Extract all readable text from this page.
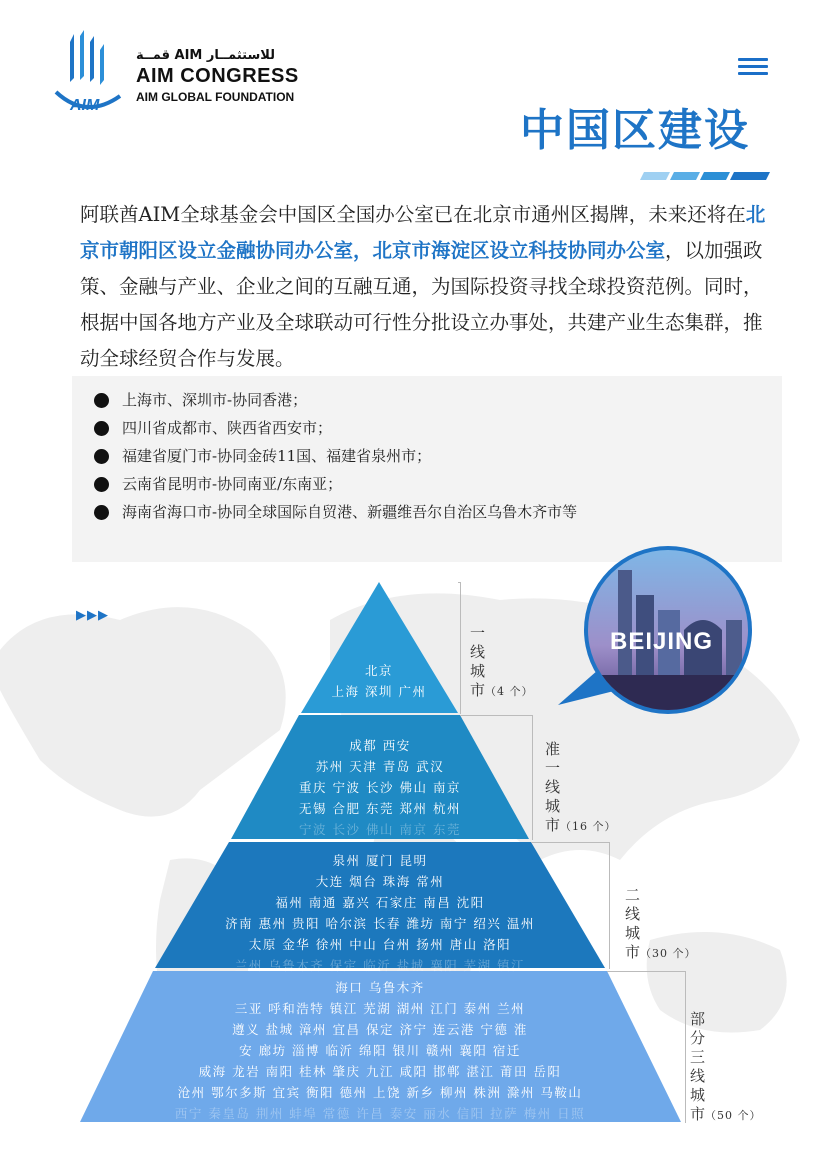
AIM
قمــة AIM للاستثمــار
AIM CONGRESS
AIM GLOBAL FOUNDATION
中国区建设
阿联酋AIM全球基金会中国区全国办公室已在北京市通州区揭牌，未来还将在北京市朝阳区设立金融协同办公室，北京市海淀区设立科技协同办公室，以加强政策、金融与产业、企业之间的互融互通，为国际投资寻找全球投资范例。同时，根据中国各地方产业及全球联动可行性分批设立办事处，共建产业生态集群，推动全球经贸合作与发展。
上海市、深圳市-协同香港；
四川省成都市、陕西省西安市；
福建省厦门市-协同金砖11国、福建省泉州市；
云南省昆明市-协同南亚/东南亚；
海南省海口市-协同全球国际自贸港、新疆维吾尔自治区乌鲁木齐市等
▶▶▶
北京
上海 深圳 广州
成都 西安
苏州 天津 青岛 武汉
重庆 宁波 长沙 佛山 南京
无锡 合肥 东莞 郑州 杭州
宁波 长沙 佛山 南京 东莞
泉州 厦门 昆明
大连 烟台 珠海 常州
福州 南通 嘉兴 石家庄 南昌 沈阳
济南 惠州 贵阳 哈尔滨 长春 潍坊 南宁 绍兴 温州
太原 金华 徐州 中山 台州 扬州 唐山 洛阳
兰州 乌鲁木齐 保定 临沂 盐城 襄阳 芜湖 镇江
海口 乌鲁木齐
三亚 呼和浩特 镇江 芜湖 湖州 江门 泰州 兰州
遵义 盐城 漳州 宜昌 保定 济宁 连云港 宁德 淮
安 廊坊 淄博 临沂 绵阳 银川 赣州 襄阳 宿迁
威海 龙岩 南阳 桂林 肇庆 九江 咸阳 邯郸 湛江 莆田 岳阳
沧州 鄂尔多斯 宜宾 衡阳 德州 上饶 新乡 柳州 株洲 滁州 马鞍山
西宁 秦皇岛 荆州 蚌埠 常德 许昌 泰安 丽水 信阳 拉萨 梅州 日照
一
线
城
市（4 个）
准
一
线
城
市（16 个）
二
线
城
市（30 个）
部
分
三
线
城
市（50 个）
BEIJING
